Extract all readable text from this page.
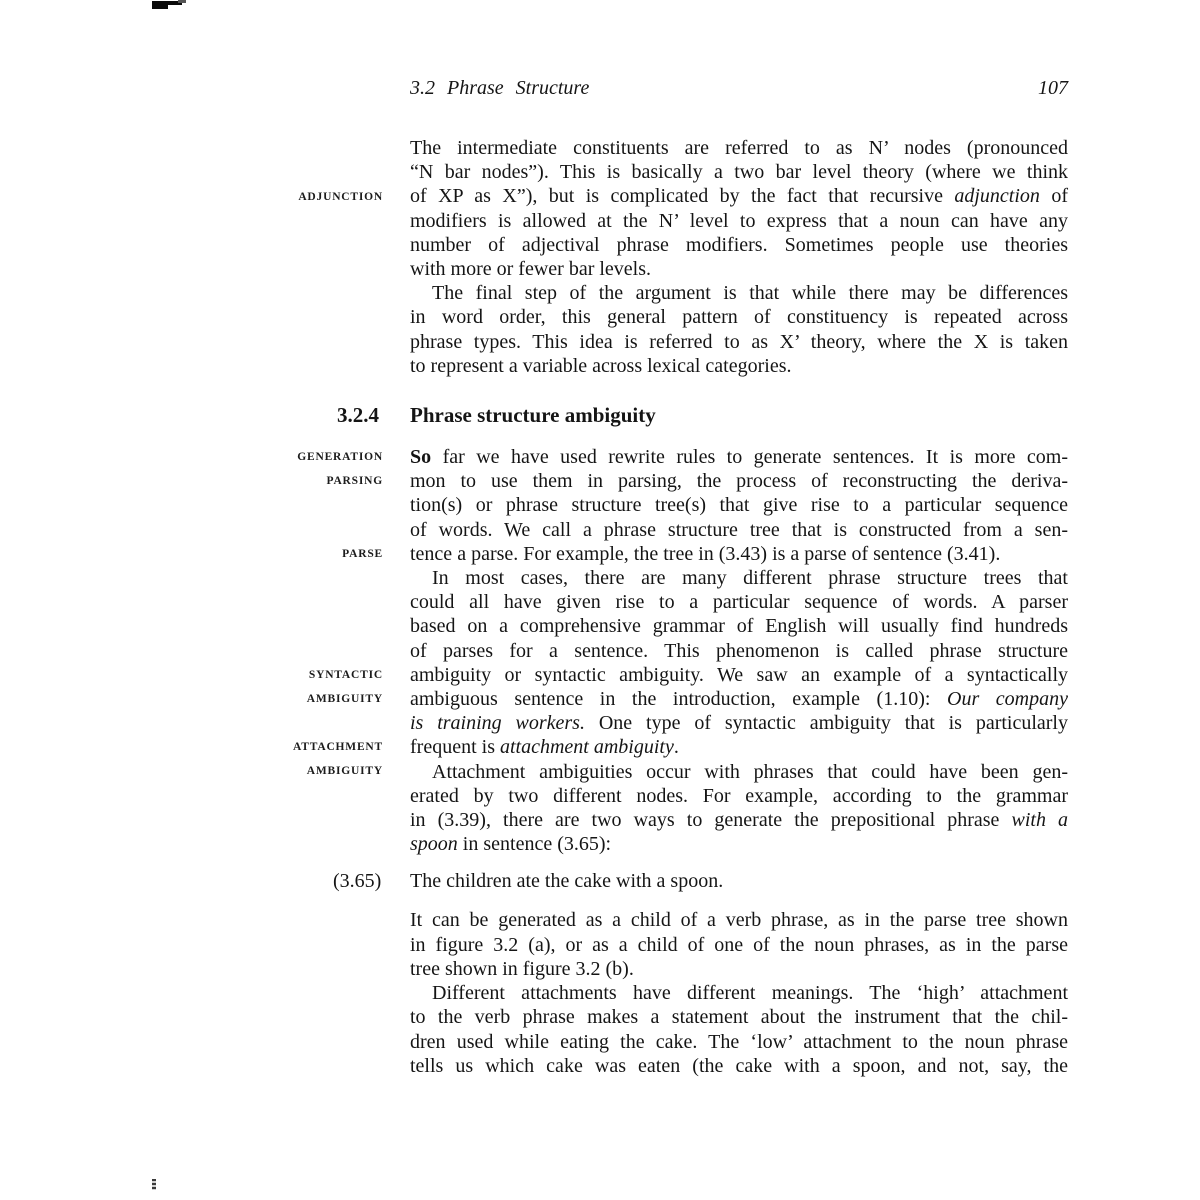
3.2 Phrase Structure	107
ADJUNCTION
GENERATION
PARSING
PARSE
SYNTACTIC
AMBIGUITY
ATTACHMENT
AMBIGUITY
The intermediate constituents are referred to as N’ nodes (pronounced
“N bar nodes”). This is basically a two bar level theory (where we think
of XP as X”), but is complicated by the fact that recursive adjunction of
modifiers is allowed at the N’ level to express that a noun can have any
number of adjectival phrase modifiers. Sometimes people use theories
with more or fewer bar levels.
The final step of the argument is that while there may be differences
in word order, this general pattern of constituency is repeated across
phrase types. This idea is referred to as X’ theory, where the X is taken
to represent a variable across lexical categories.
3.2.4 Phrase structure ambiguity
So far we have used rewrite rules to generate sentences. It is more com-
mon to use them in parsing, the process of reconstructing the deriva-
tion(s) or phrase structure tree(s) that give rise to a particular sequence
of words. We call a phrase structure tree that is constructed from a sen-
tence a parse. For example, the tree in (3.43) is a parse of sentence (3.41).
In most cases, there are many different phrase structure trees that
could all have given rise to a particular sequence of words. A parser
based on a comprehensive grammar of English will usually find hundreds
of parses for a sentence. This phenomenon is called phrase structure
ambiguity or syntactic ambiguity. We saw an example of a syntactically
ambiguous sentence in the introduction, example (1.10): Our company
is training workers. One type of syntactic ambiguity that is particularly
frequent is attachment ambiguity.
Attachment ambiguities occur with phrases that could have been gen-
erated by two different nodes. For example, according to the grammar
in (3.39), there are two ways to generate the prepositional phrase with a
spoon in sentence (3.65):
(3.65) The children ate the cake with a spoon.
It can be generated as a child of a verb phrase, as in the parse tree shown
in figure 3.2 (a), or as a child of one of the noun phrases, as in the parse
tree shown in figure 3.2 (b).
Different attachments have different meanings. The ‘high’ attachment
to the verb phrase makes a statement about the instrument that the chil-
dren used while eating the cake. The ‘low’ attachment to the noun phrase
tells us which cake was eaten (the cake with a spoon, and not, say, the
